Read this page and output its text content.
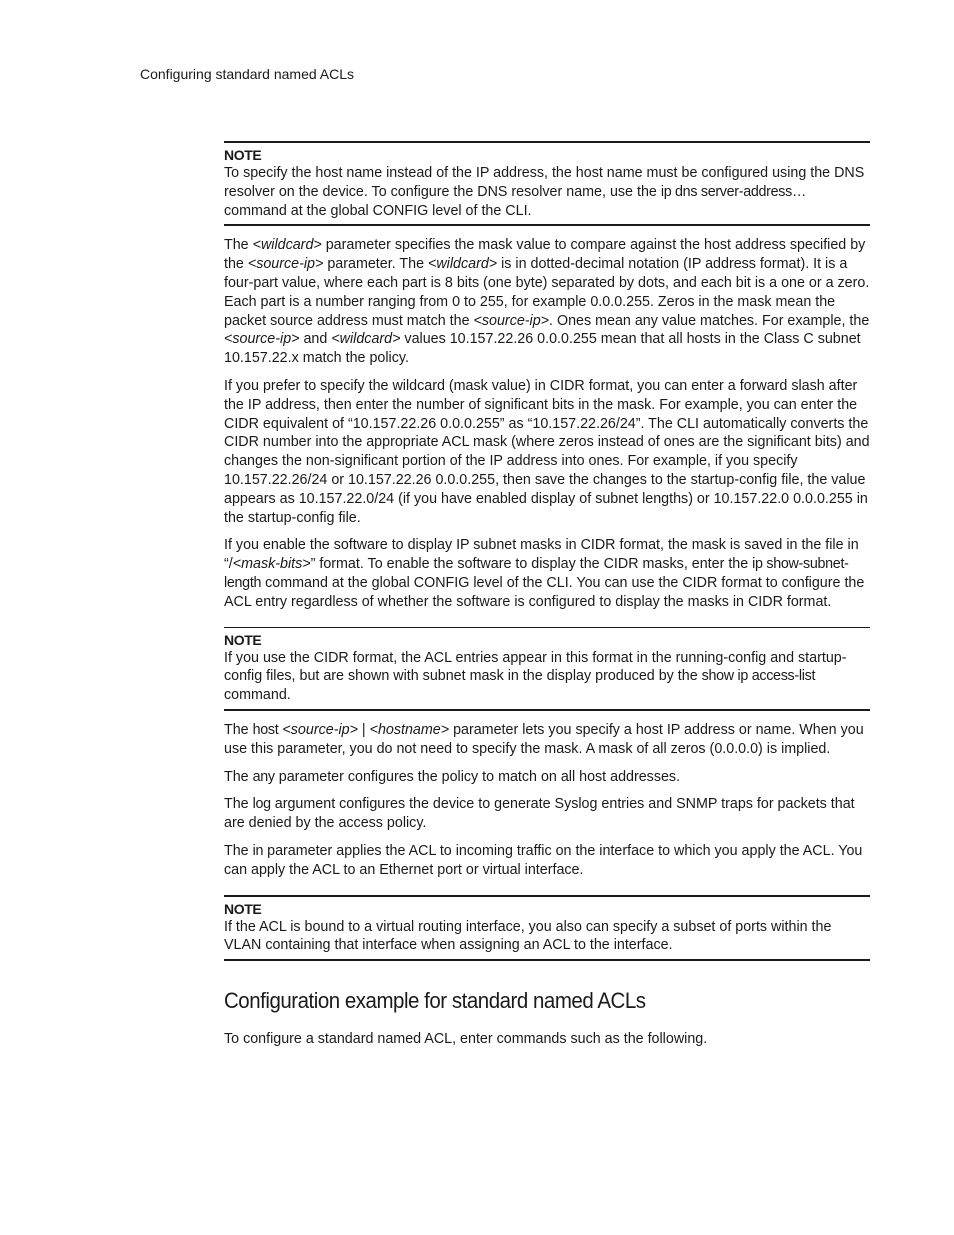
Configuring standard named ACLs
NOTE

To specify the host name instead of the IP address, the host name must be configured using the DNS resolver on the device. To configure the DNS resolver name, use the ip dns server-address… command at the global CONFIG level of the CLI.

The <wildcard> parameter specifies the mask value to compare against the host address specified by the <source-ip> parameter. The <wildcard> is in dotted-decimal notation (IP address format). It is a four-part value, where each part is 8 bits (one byte) separated by dots, and each bit is a one or a zero. Each part is a number ranging from 0 to 255, for example 0.0.0.255. Zeros in the mask mean the packet source address must match the <source-ip>. Ones mean any value matches. For example, the <source-ip> and <wildcard> values 10.157.22.26 0.0.0.255 mean that all hosts in the Class C subnet 10.157.22.x match the policy.

If you prefer to specify the wildcard (mask value) in CIDR format, you can enter a forward slash after the IP address, then enter the number of significant bits in the mask. For example, you can enter the CIDR equivalent of “10.157.22.26 0.0.0.255” as “10.157.22.26/24”. The CLI automatically converts the CIDR number into the appropriate ACL mask (where zeros instead of ones are the significant bits) and changes the non-significant portion of the IP address into ones. For example, if you specify 10.157.22.26/24 or 10.157.22.26 0.0.0.255, then save the changes to the startup-config file, the value appears as 10.157.22.0/24 (if you have enabled display of subnet lengths) or 10.157.22.0 0.0.0.255 in the startup-config file.

If you enable the software to display IP subnet masks in CIDR format, the mask is saved in the file in “/<mask-bits>” format. To enable the software to display the CIDR masks, enter the ip show-subnet-length command at the global CONFIG level of the CLI. You can use the CIDR format to configure the ACL entry regardless of whether the software is configured to display the masks in CIDR format.

NOTE

If you use the CIDR format, the ACL entries appear in this format in the running-config and startup-config files, but are shown with subnet mask in the display produced by the show ip access-list command.

The host <source-ip> | <hostname> parameter lets you specify a host IP address or name. When you use this parameter, you do not need to specify the mask. A mask of all zeros (0.0.0.0) is implied.

The any parameter configures the policy to match on all host addresses.

The log argument configures the device to generate Syslog entries and SNMP traps for packets that are denied by the access policy.

The in parameter applies the ACL to incoming traffic on the interface to which you apply the ACL. You can apply the ACL to an Ethernet port or virtual interface.

NOTE

If the ACL is bound to a virtual routing interface, you also can specify a subset of ports within the VLAN containing that interface when assigning an ACL to the interface.

Configuration example for standard named ACLs

To configure a standard named ACL, enter commands such as the following.
